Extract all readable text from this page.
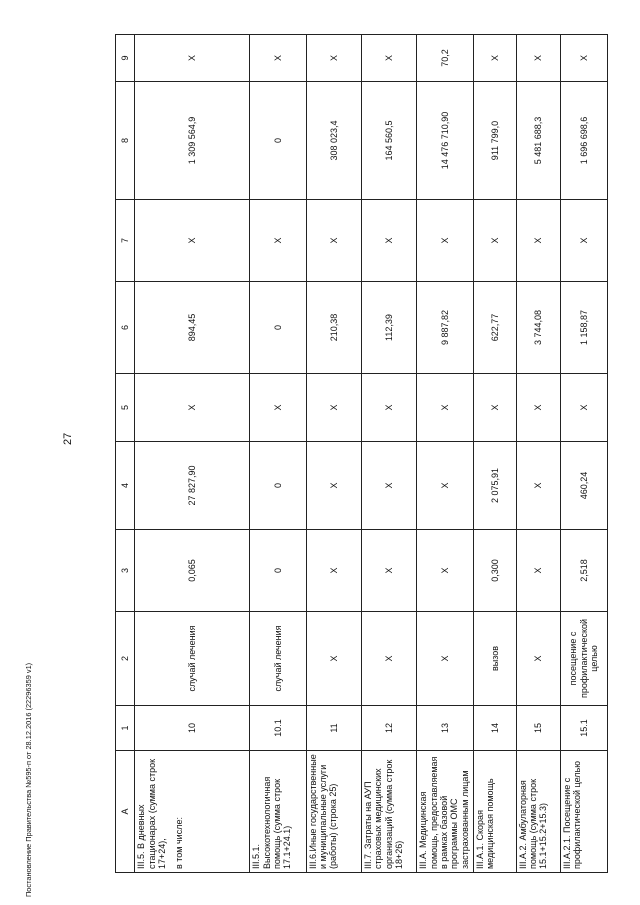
27
A	1	2	3	4	5	6	7	8	9
III.5. В дневных стационарах (сумма строк 17+24), в том числе:	10	случай лечения	0,065	27 827,90	X	894,45	X	1 309 564,9	X
III.5.1. Высокотехнологичная помощь (сумма строк 17.1+24.1)	10.1	случай лечения	0	0	X	0	X	0	X
III.6.Иные государственные и муниципальные услуги (работы) (строка 25)	11	X	X	X	X	210,38	X	308 023,4	X
III.7. Затраты на АУП страховых медицинских организаций (сумма строк 18+26)	12	X	X	X	X	112,39	X	164 560,5	X
III.А. Медицинская помощь, предоставляемая в рамках базовой программы ОМС застрахованным лицам	13	X	X	X	X	9 887,82	X	14 476 710,90	70,2
III.А.1. Скорая медицинская помощь	14	вызов	0,300	2 075,91	X	622,77	X	911 799,0	X
III.А.2. Амбулаторная помощь (сумма строк 15.1+15.2+15.3)	15	X	X	X	X	3 744,08	X	5 481 688,3	X
III.А.2.1. Посещение с профилактической целью	15.1	посещение с профилактической целью	2,518	460,24	X	1 158,87	X	1 696 698,6	X
Постановление Правительства №595-п от 28.12.2016 (22296359 v1)
